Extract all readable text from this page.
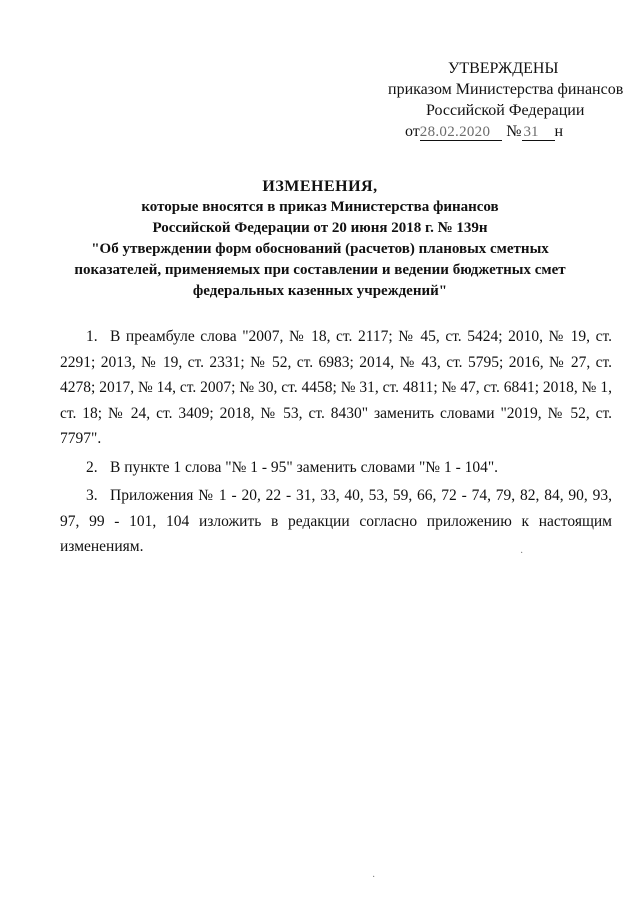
УТВЕРЖДЕНЫ
приказом Министерства финансов
Российской Федерации
от28.02.2020 № 31 н
ИЗМЕНЕНИЯ,
которые вносятся в приказ Министерства финансов
Российской Федерации от 20 июня 2018 г. № 139н
"Об утверждении форм обоснований (расчетов) плановых сметных
показателей, применяемых при составлении и ведении бюджетных смет
федеральных казенных учреждений"

1. В преамбуле слова "2007, № 18, ст. 2117; № 45, ст. 5424; 2010, № 19, ст. 2291; 2013, № 19, ст. 2331; № 52, ст. 6983; 2014, № 43, ст. 5795; 2016, № 27, ст. 4278; 2017, № 14, ст. 2007; № 30, ст. 4458; № 31, ст. 4811; № 47, ст. 6841; 2018, № 1, ст. 18; № 24, ст. 3409; 2018, № 53, ст. 8430" заменить словами "2019, № 52, ст. 7797".

2. В пункте 1 слова "№ 1 - 95" заменить словами "№ 1 - 104".

3. Приложения № 1 - 20, 22 - 31, 33, 40, 53, 59, 66, 72 - 74, 79, 82, 84, 90, 93, 97, 99 - 101, 104 изложить в редакции согласно приложению к настоящим изменениям.	·
·
